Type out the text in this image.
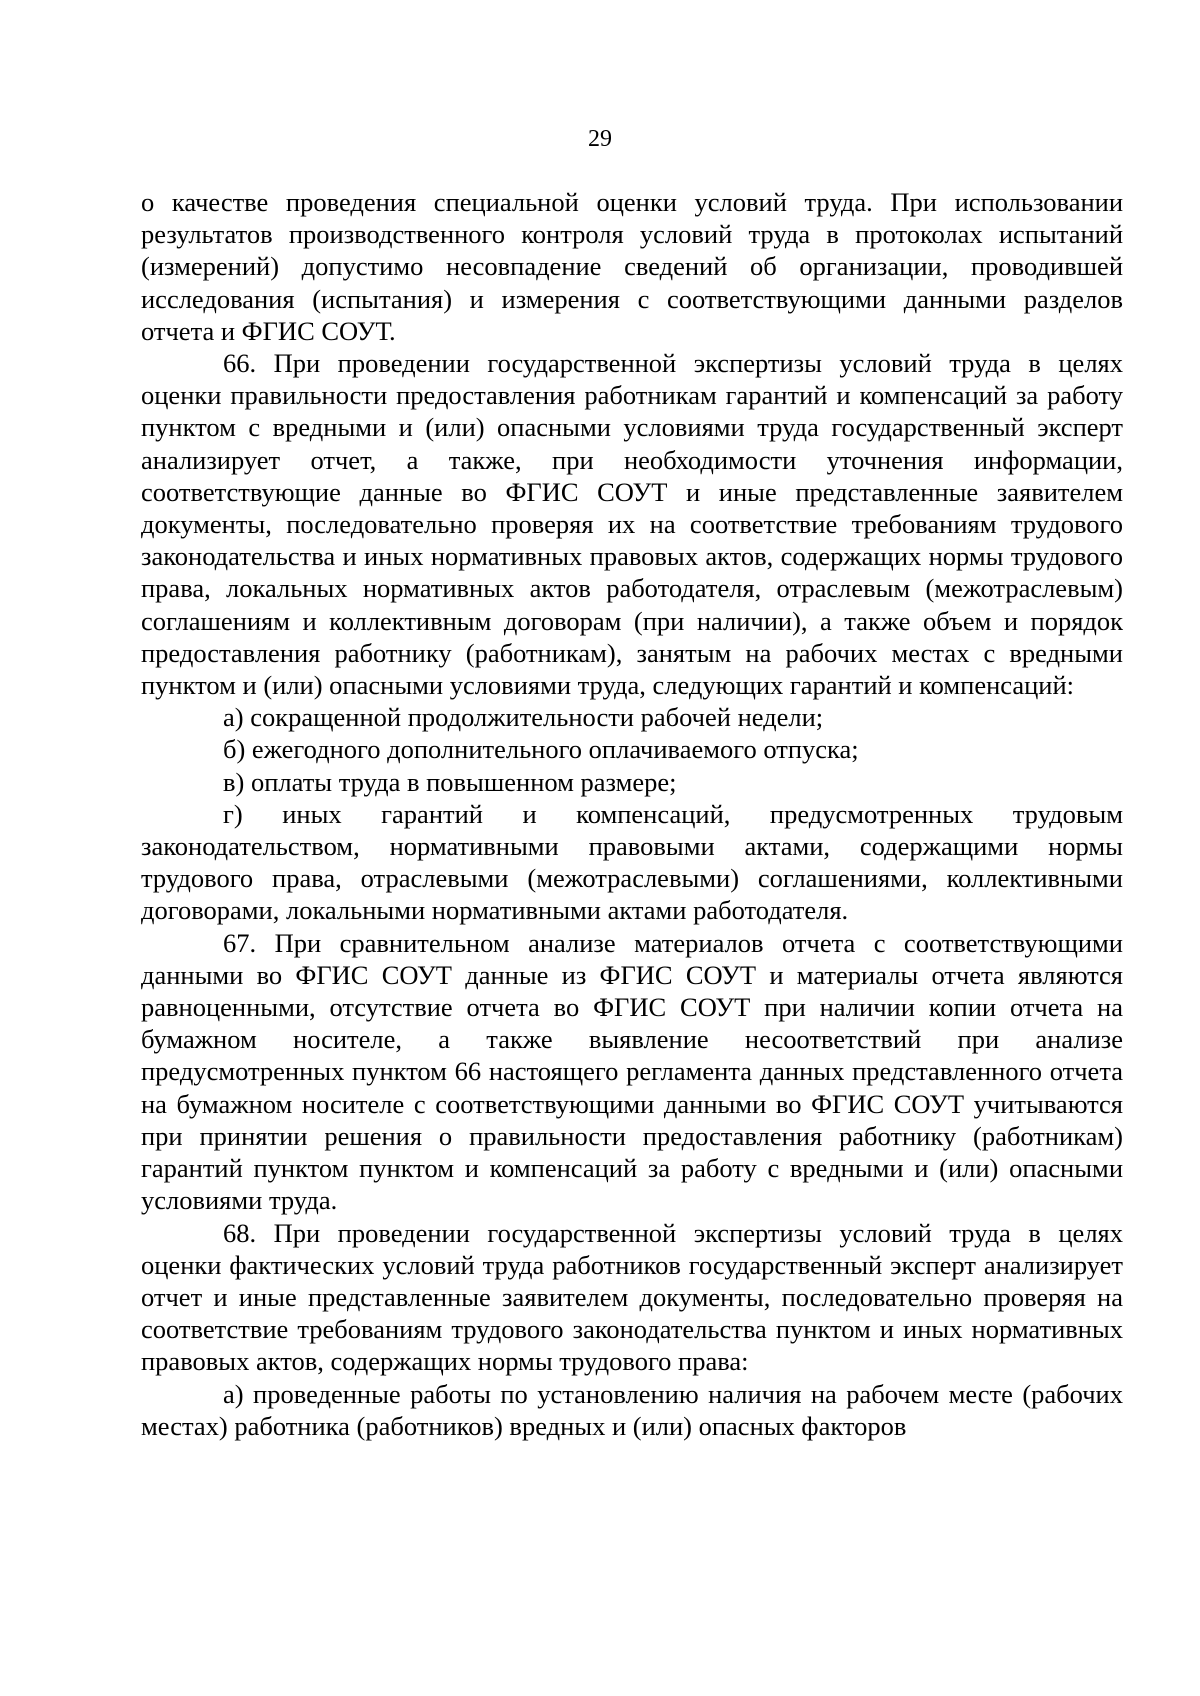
29

о качестве проведения специальной оценки условий труда. При использовании результатов производственного контроля условий труда в протоколах испытаний (измерений) допустимо несовпадение сведений об организации, проводившей исследования (испытания) и измерения с соответствующими данными разделов отчета и ФГИС СОУТ.

66. При проведении государственной экспертизы условий труда в целях оценки правильности предоставления работникам гарантий и компенсаций за работу пунктом с вредными и (или) опасными условиями труда государственный эксперт анализирует отчет, а также, при необходимости уточнения информации, соответствующие данные во ФГИС СОУТ и иные представленные заявителем документы, последовательно проверяя их на соответствие требованиям трудового законодательства и иных нормативных правовых актов, содержащих нормы трудового права, локальных нормативных актов работодателя, отраслевым (межотраслевым) соглашениям и коллективным договорам (при наличии), а также объем и порядок предоставления работнику (работникам), занятым на рабочих местах с вредными пунктом и (или) опасными условиями труда, следующих гарантий и компенсаций:

а) сокращенной продолжительности рабочей недели;

б) ежегодного дополнительного оплачиваемого отпуска;

в) оплаты труда в повышенном размере;

г) иных гарантий и компенсаций, предусмотренных трудовым законодательством, нормативными правовыми актами, содержащими нормы трудового права, отраслевыми (межотраслевыми) соглашениями, коллективными договорами, локальными нормативными актами работодателя.

67. При сравнительном анализе материалов отчета с соответствующими данными во ФГИС СОУТ данные из ФГИС СОУТ и материалы отчета являются равноценными, отсутствие отчета во ФГИС СОУТ при наличии копии отчета на бумажном носителе, а также выявление несоответствий при анализе предусмотренных пунктом 66 настоящего регламента данных представленного отчета на бумажном носителе с соответствующими данными во ФГИС СОУТ учитываются при принятии решения о правильности предоставления работнику (работникам) гарантий пунктом пунктом и компенсаций за работу с вредными и (или) опасными условиями труда.

68. При проведении государственной экспертизы условий труда в целях оценки фактических условий труда работников государственный эксперт анализирует отчет и иные представленные заявителем документы, последовательно проверяя на соответствие требованиям трудового законодательства пунктом и иных нормативных правовых актов, содержащих нормы трудового права:

а) проведенные работы по установлению наличия на рабочем месте (рабочих местах) работника (работников) вредных и (или) опасных факторов
